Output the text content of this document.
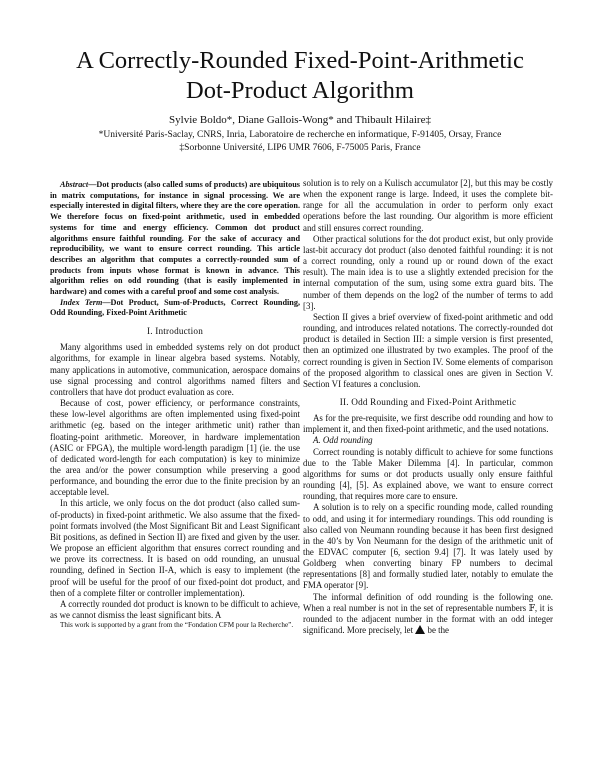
A Correctly-Rounded Fixed-Point-Arithmetic
Dot-Product Algorithm
Sylvie Boldo*, Diane Gallois-Wong* and Thibault Hilaire‡
*Université Paris-Saclay, CNRS, Inria, Laboratoire de recherche en informatique, F-91405, Orsay, France
‡Sorbonne Université, LIP6 UMR 7606, F-75005 Paris, France

Abstract—Dot products (also called sums of products) are ubiquitous in matrix computations, for instance in signal processing. We are especially interested in digital filters, where they are the core operation. We therefore focus on fixed-point arithmetic, used in embedded systems for time and energy efficiency. Common dot product algorithms ensure faithful rounding. For the sake of accuracy and reproducibility, we want to ensure correct rounding. This article describes an algorithm that computes a correctly-rounded sum of products from inputs whose format is known in advance. This algorithm relies on odd rounding (that is easily implemented in hardware) and comes with a careful proof and some cost analysis.

Index Term—Dot Product, Sum-of-Products, Correct Rounding, Odd Rounding, Fixed-Point Arithmetic

I. Introduction

Many algorithms used in embedded systems rely on dot product algorithms, for example in linear algebra based systems. Notably, many applications in automotive, communication, aerospace domains use signal processing and control algorithms named filters and controllers that have dot product evaluation as core.

Because of cost, power efficiency, or performance constraints, these low-level algorithms are often implemented using fixed-point arithmetic (eg. based on the integer arithmetic unit) rather than floating-point arithmetic. Moreover, in hardware implementation (ASIC or FPGA), the multiple word-length paradigm [1] (ie. the use of dedicated word-length for each computation) is key to minimize the area and/or the power consumption while preserving a good performance, and bounding the error due to the finite precision by an acceptable level.

In this article, we only focus on the dot product (also called sum-of-products) in fixed-point arithmetic. We also assume that the fixed-point formats involved (the Most Significant Bit and Least Significant Bit positions, as defined in Section II) are fixed and given by the user. We propose an efficient algorithm that ensures correct rounding and we prove its correctness. It is based on odd rounding, an unusual rounding, defined in Section II-A, which is easy to implement (the proof will be useful for the proof of our fixed-point dot product, and then of a complete filter or controller implementation).

A correctly rounded dot product is known to be difficult to achieve, as we cannot dismiss the least significant bits. A

This work is supported by a grant from the “Fondation CFM pour la Recherche”.

solution is to rely on a Kulisch accumulator [2], but this may be costly when the exponent range is large. Indeed, it uses the complete bit-range for all the accumulation in order to perform only exact operations before the last rounding. Our algorithm is more efficient and still ensures correct rounding.

Other practical solutions for the dot product exist, but only provide last-bit accuracy dot product (also denoted faithful rounding: it is not a correct rounding, only a round up or round down of the exact result). The main idea is to use a slightly extended precision for the internal computation of the sum, using some extra guard bits. The number of them depends on the log2 of the number of terms to add [3].

Section II gives a brief overview of fixed-point arithmetic and odd rounding, and introduces related notations. The correctly-rounded dot product is detailed in Section III: a simple version is first presented, then an optimized one illustrated by two examples. The proof of the correct rounding is given in Section IV. Some elements of comparison of the proposed algorithm to classical ones are given in Section V. Section VI features a conclusion.

II. Odd Rounding and Fixed-Point Arithmetic

As for the pre-requisite, we first describe odd rounding and how to implement it, and then fixed-point arithmetic, and the used notations.

A. Odd rounding

Correct rounding is notably difficult to achieve for some functions due to the Table Maker Dilemma [4]. In particular, common algorithms for sums or dot products usually only ensure faithful rounding [4], [5]. As explained above, we want to ensure correct rounding, that requires more care to ensure.

A solution is to rely on a specific rounding mode, called rounding to odd, and using it for intermediary roundings. This odd rounding is also called von Neumann rounding because it has been first designed in the 40’s by Von Neumann for the design of the arithmetic unit of the EDVAC computer [6, section 9.4] [7]. It was lately used by Goldberg when converting binary FP numbers to decimal representations [8] and formally studied later, notably to emulate the FMA operator [9].

The informal definition of odd rounding is the following one. When a real number is not in the set of representable numbers 𝔽, it is rounded to the adjacent number in the format with an odd integer significand. More precisely, let be the
